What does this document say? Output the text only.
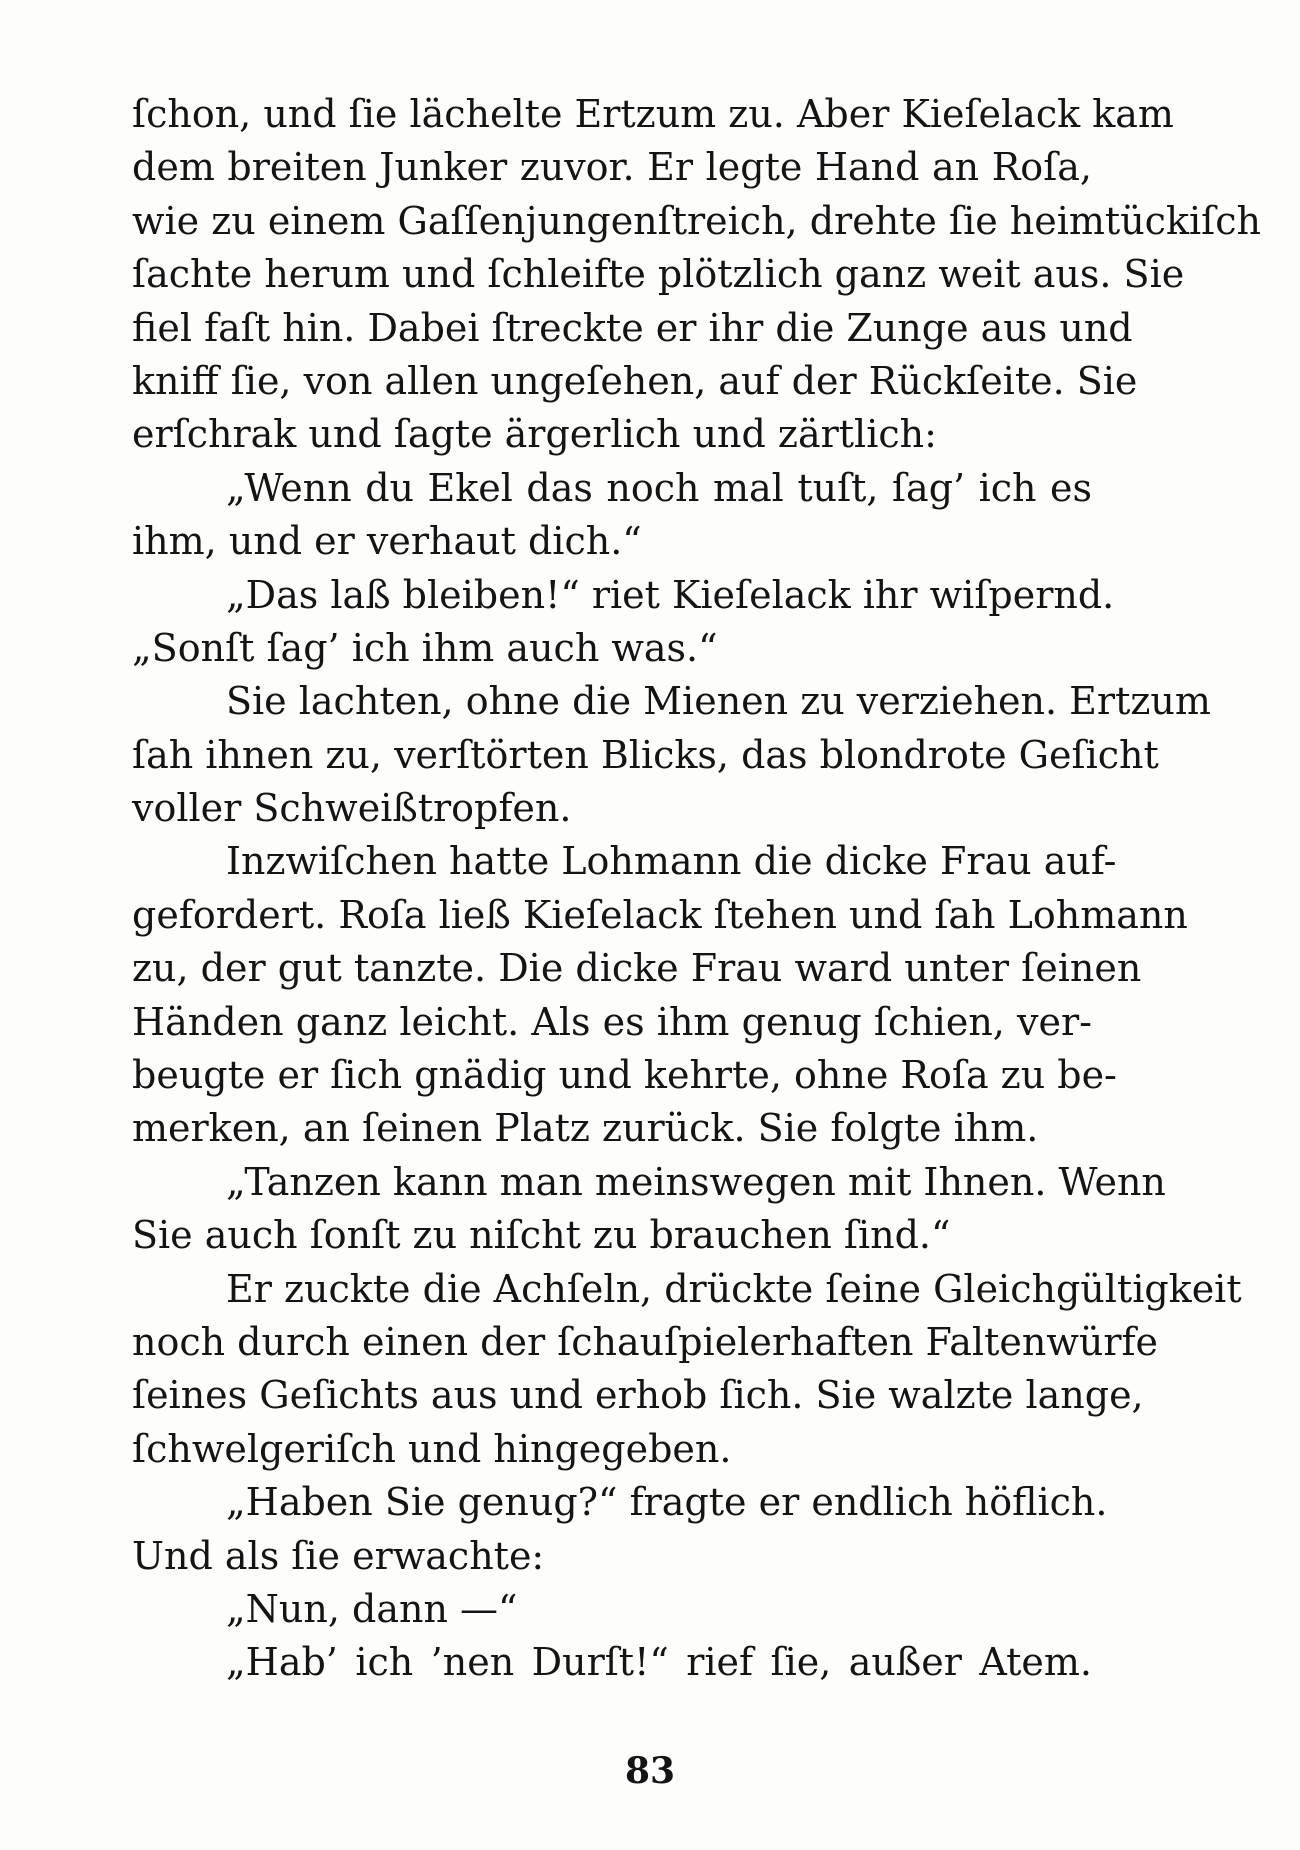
ſchon, und ſie lächelte Ertzum zu. Aber Kieſelack kam
dem breiten Junker zuvor. Er legte Hand an Roſa,
wie zu einem Gaſſenjungenſtreich, drehte ſie heimtückiſch
ſachte herum und ſchleifte plötzlich ganz weit aus. Sie
fiel faſt hin. Dabei ſtreckte er ihr die Zunge aus und
kniff ſie, von allen ungeſehen, auf der Rückſeite. Sie
erſchrak und ſagte ärgerlich und zärtlich:
„Wenn du Ekel das noch mal tuſt, ſag’ ich es
ihm, und er verhaut dich.“
„Das laß bleiben!“ riet Kieſelack ihr wiſpernd.
„Sonſt ſag’ ich ihm auch was.“
Sie lachten, ohne die Mienen zu verziehen. Ertzum
ſah ihnen zu, verſtörten Blicks, das blondrote Geſicht
voller Schweißtropfen.
Inzwiſchen hatte Lohmann die dicke Frau auf-
gefordert. Roſa ließ Kieſelack ſtehen und ſah Lohmann
zu, der gut tanzte. Die dicke Frau ward unter ſeinen
Händen ganz leicht. Als es ihm genug ſchien, ver-
beugte er ſich gnädig und kehrte, ohne Roſa zu be-
merken, an ſeinen Platz zurück. Sie folgte ihm.
„Tanzen kann man meinswegen mit Ihnen. Wenn
Sie auch ſonſt zu niſcht zu brauchen ſind.“
Er zuckte die Achſeln, drückte ſeine Gleichgültigkeit
noch durch einen der ſchauſpielerhaften Faltenwürfe
ſeines Geſichts aus und erhob ſich. Sie walzte lange,
ſchwelgeriſch und hingegeben.
„Haben Sie genug?“ fragte er endlich höflich.
Und als ſie erwachte:
„Nun, dann —“
„Hab’ ich ’nen Durſt!“ rief ſie, außer Atem.
83
